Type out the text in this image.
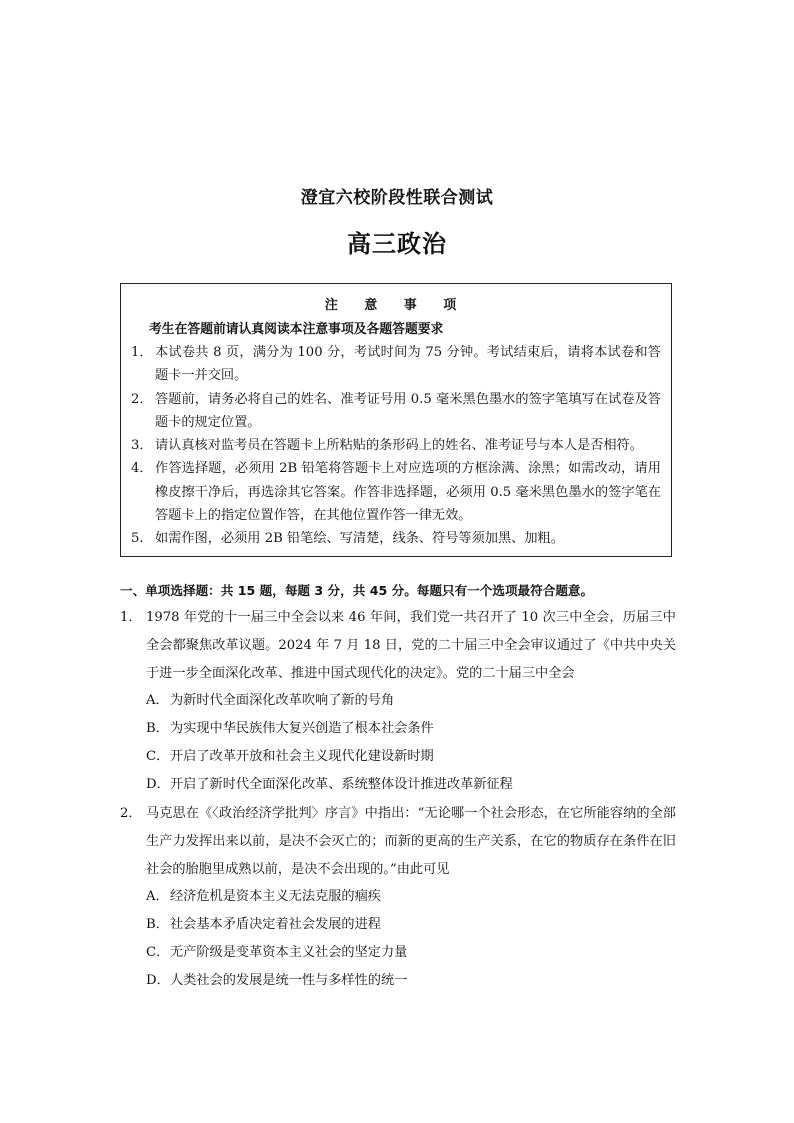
澄宜六校阶段性联合测试
高三政治
注 意 事 项
考生在答题前请认真阅读本注意事项及各题答题要求
1． 本试卷共 8 页，满分为 100 分，考试时间为 75 分钟。考试结束后，请将本试卷和答题卡一并交回。
2． 答题前，请务必将自己的姓名、准考证号用 0.5 毫米黑色墨水的签字笔填写在试卷及答题卡的规定位置。
3． 请认真核对监考员在答题卡上所粘贴的条形码上的姓名、准考证号与本人是否相符。
4． 作答选择题，必须用 2B 铅笔将答题卡上对应选项的方框涂满、涂黑；如需改动，请用橡皮擦干净后，再选涂其它答案。作答非选择题，必须用 0.5 毫米黑色墨水的签字笔在答题卡上的指定位置作答，在其他位置作答一律无效。
5． 如需作图，必须用 2B 铅笔绘、写清楚，线条、符号等须加黑、加粗。
一、单项选择题：共 15 题，每题 3 分，共 45 分。每题只有一个选项最符合题意。
1． 1978 年党的十一届三中全会以来 46 年间，我们党一共召开了 10 次三中全会，历届三中全会都聚焦改革议题。2024 年 7 月 18 日，党的二十届三中全会审议通过了《中共中央关于进一步全面深化改革、推进中国式现代化的决定》。党的二十届三中全会
A． 为新时代全面深化改革吹响了新的号角
B． 为实现中华民族伟大复兴创造了根本社会条件
C． 开启了改革开放和社会主义现代化建设新时期
D． 开启了新时代全面深化改革、系统整体设计推进改革新征程
2． 马克思在《〈政治经济学批判〉序言》中指出：“无论哪一个社会形态，在它所能容纳的全部生产力发挥出来以前，是决不会灭亡的；而新的更高的生产关系，在它的物质存在条件在旧社会的胎胞里成熟以前，是决不会出现的。”由此可见
A． 经济危机是资本主义无法克服的痼疾
B． 社会基本矛盾决定着社会发展的进程
C． 无产阶级是变革资本主义社会的坚定力量
D． 人类社会的发展是统一性与多样性的统一
